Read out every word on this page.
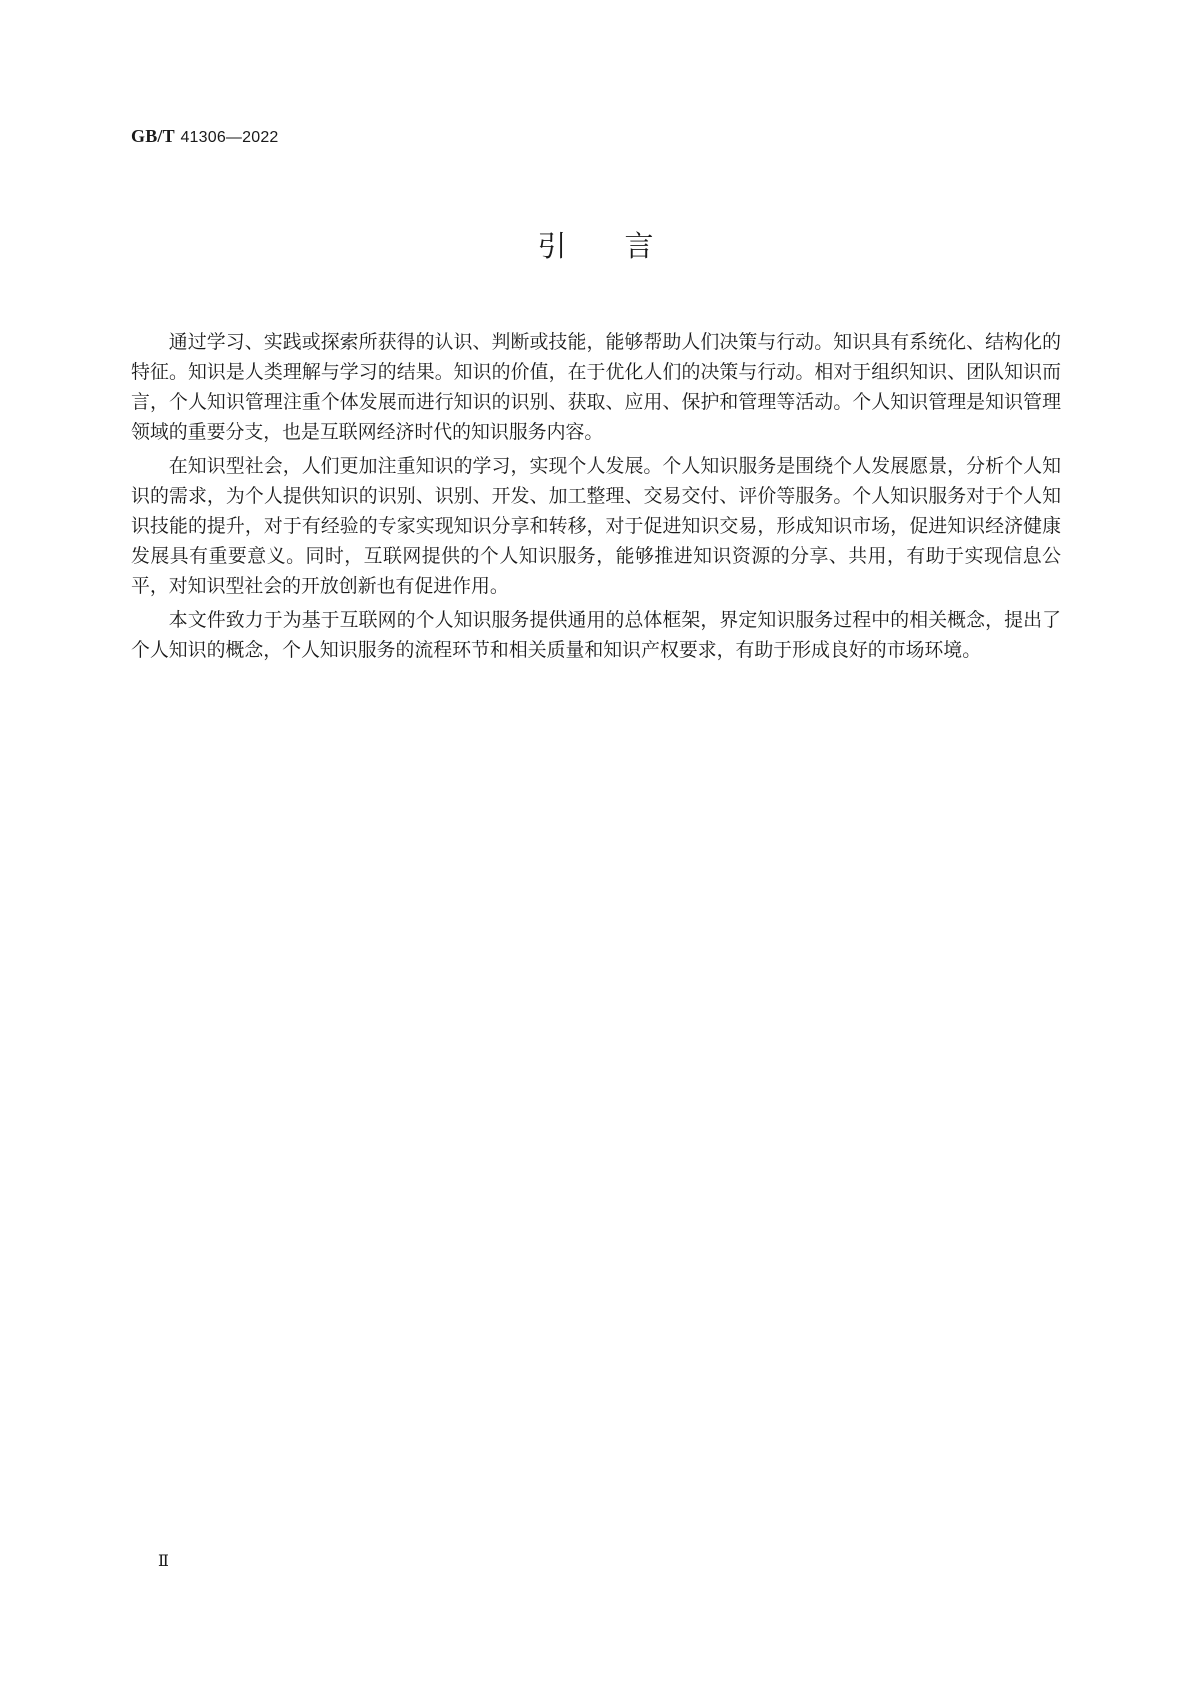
GB/T 41306—2022
引言

通过学习、实践或探索所获得的认识、判断或技能，能够帮助人们决策与行动。知识具有系统化、结构化的特征。知识是人类理解与学习的结果。知识的价值，在于优化人们的决策与行动。相对于组织知识、团队知识而言，个人知识管理注重个体发展而进行知识的识别、获取、应用、保护和管理等活动。个人知识管理是知识管理领域的重要分支，也是互联网经济时代的知识服务内容。

在知识型社会，人们更加注重知识的学习，实现个人发展。个人知识服务是围绕个人发展愿景，分析个人知识的需求，为个人提供知识的识别、识别、开发、加工整理、交易交付、评价等服务。个人知识服务对于个人知识技能的提升，对于有经验的专家实现知识分享和转移，对于促进知识交易，形成知识市场，促进知识经济健康发展具有重要意义。同时，互联网提供的个人知识服务，能够推进知识资源的分享、共用，有助于实现信息公平，对知识型社会的开放创新也有促进作用。

本文件致力于为基于互联网的个人知识服务提供通用的总体框架，界定知识服务过程中的相关概念，提出了个人知识的概念，个人知识服务的流程环节和相关质量和知识产权要求，有助于形成良好的市场环境。

Ⅱ
